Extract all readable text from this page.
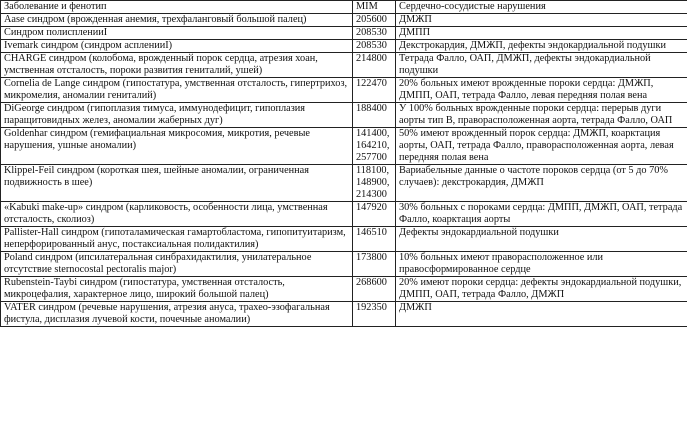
Заболевание и фенотип	MIM	Сердечно-сосудистые нарушения
Aase синдром (врожденная анемия, трехфаланговый большой палец)	205600	ДМЖП
Синдром полиспленииI	208530	ДМПП
Ivemark синдром (синдром аспленииI)	208530	Декстрокардия, ДМЖП, дефекты эндокардиальной подушки
CHARGE синдром (колобома, врожденный порок сердца, атрезия хоан, умственная отсталость, пороки развития гениталий, ушей)	214800	Тетрада Фалло, ОАП, ДМЖП, дефекты эндокардиальной подушки
Cornelia de Lange синдром (гипостатура, умственная отсталость, гипертрихоз, микромелия, аномалии гениталий)	122470	20% больных имеют врожденные пороки сердца: ДМЖП, ДМПП, ОАП, тетрада Фалло, левая передняя полая вена
DiGeorge синдром (гипоплазия тимуса, иммунодефицит, гипоплазия паращитовидных желез, аномалии жаберных дуг)	188400	У 100% больных врожденные пороки сердца: перерыв дуги аорты тип B, праворасположенная аорта, тетрада Фалло, ОАП
Goldenhar синдром (гемифациальная микросомия, микротия, речевые нарушения, ушные аномалии)	141400,
164210,
257700	50% имеют врожденный порок сердца: ДМЖП, коарктация аорты, ОАП, тетрада Фалло, праворасположенная аорта, левая передняя полая вена
Klippel-Feil синдром (короткая шея, шейные аномалии, ограниченная подвижность в шее)	118100,
148900,
214300	Вариабельные данные о частоте пороков сердца (от 5 до 70% случаев): декстрокардия, ДМЖП
«Kabuki make-up» синдром (карликовость, особенности лица, умственная отсталость, сколиоз)	147920	30% больных с пороками сердца: ДМПП, ДМЖП, ОАП, тетрада Фалло, коарктация аорты
Pallister-Hall синдром (гипоталамическая гамартобластома, гипопитуитаризм, неперфорированный анус, постаксиальная полидактилия)	146510	Дефекты эндокардиальной подушки
Poland синдром (ипсилатеральная синбрахидактилия, унилатеральное отсутствие sternocostal pectoralis major)	173800	10% больных имеют праворасположенное или правосформированное сердце
Rubenstein-Taybi синдром (гипостатура, умственная отсталость, микроцефалия, характерное лицо, широкий большой палец)	268600	20% имеют пороки сердца: дефекты эндокардиальной подушки, ДМПП, ОАП, тетрада Фалло, ДМЖП
VATER синдром (речевые нарушения, атрезия ануса, трахео-эзофагальная фистула, дисплазия лучевой кости, почечные аномалии)	192350	ДМЖП
